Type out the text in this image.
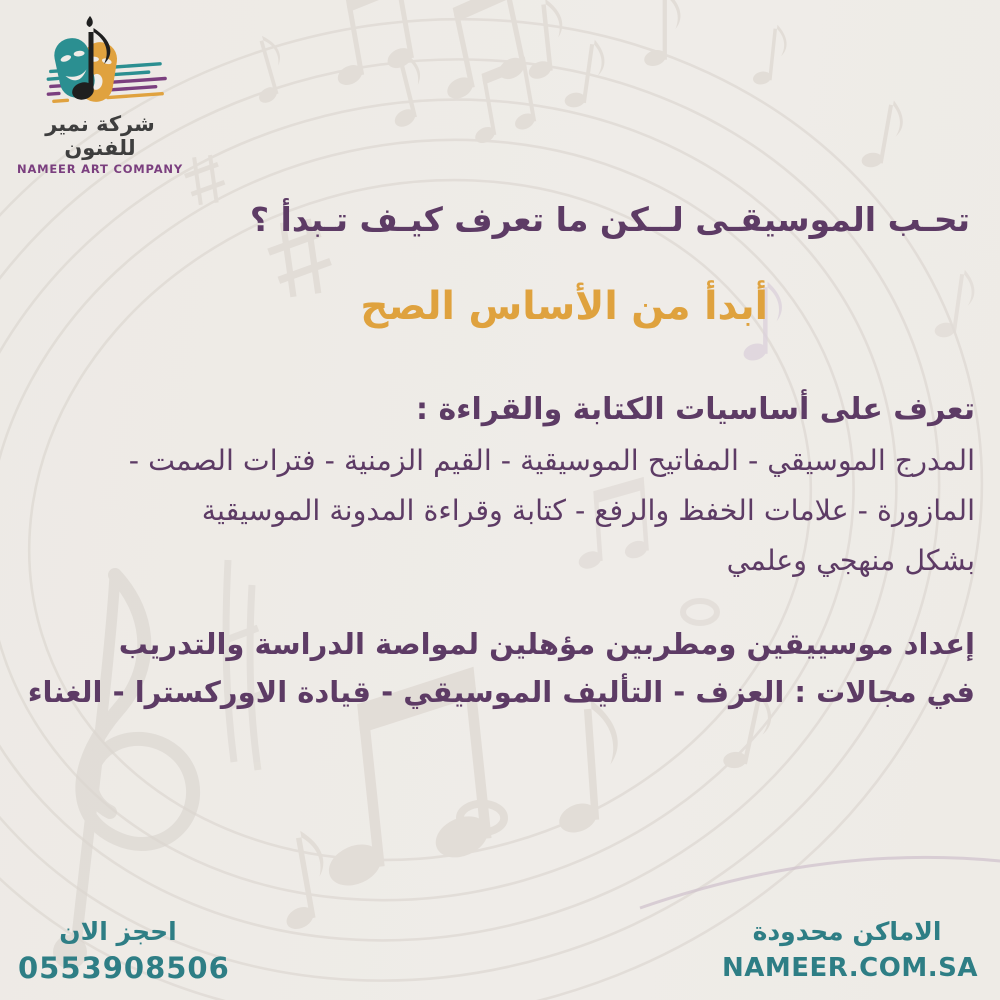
شركة نمير للفنون
NAMEER ART COMPANY
تحـب الموسيقـى لــكن ما تعرف كيـف تـبدأ ؟
أبدأ من الأساس الصح
تعرف على أساسيات الكتابة والقراءة :
المدرج الموسيقي - المفاتيح الموسيقية - القيم الزمنية - فترات الصمت -
المازورة - علامات الخفظ والرفع - كتابة وقراءة المدونة الموسيقية
بشكل منهجي وعلمي
إعداد موسييقين ومطربين مؤهلين لمواصة الدراسة والتدريب
في مجالات : العزف - التأليف الموسيقي - قيادة الاوركسترا - الغناء
احجز الان
0553908506
الاماكن محدودة
NAMEER.COM.SA
